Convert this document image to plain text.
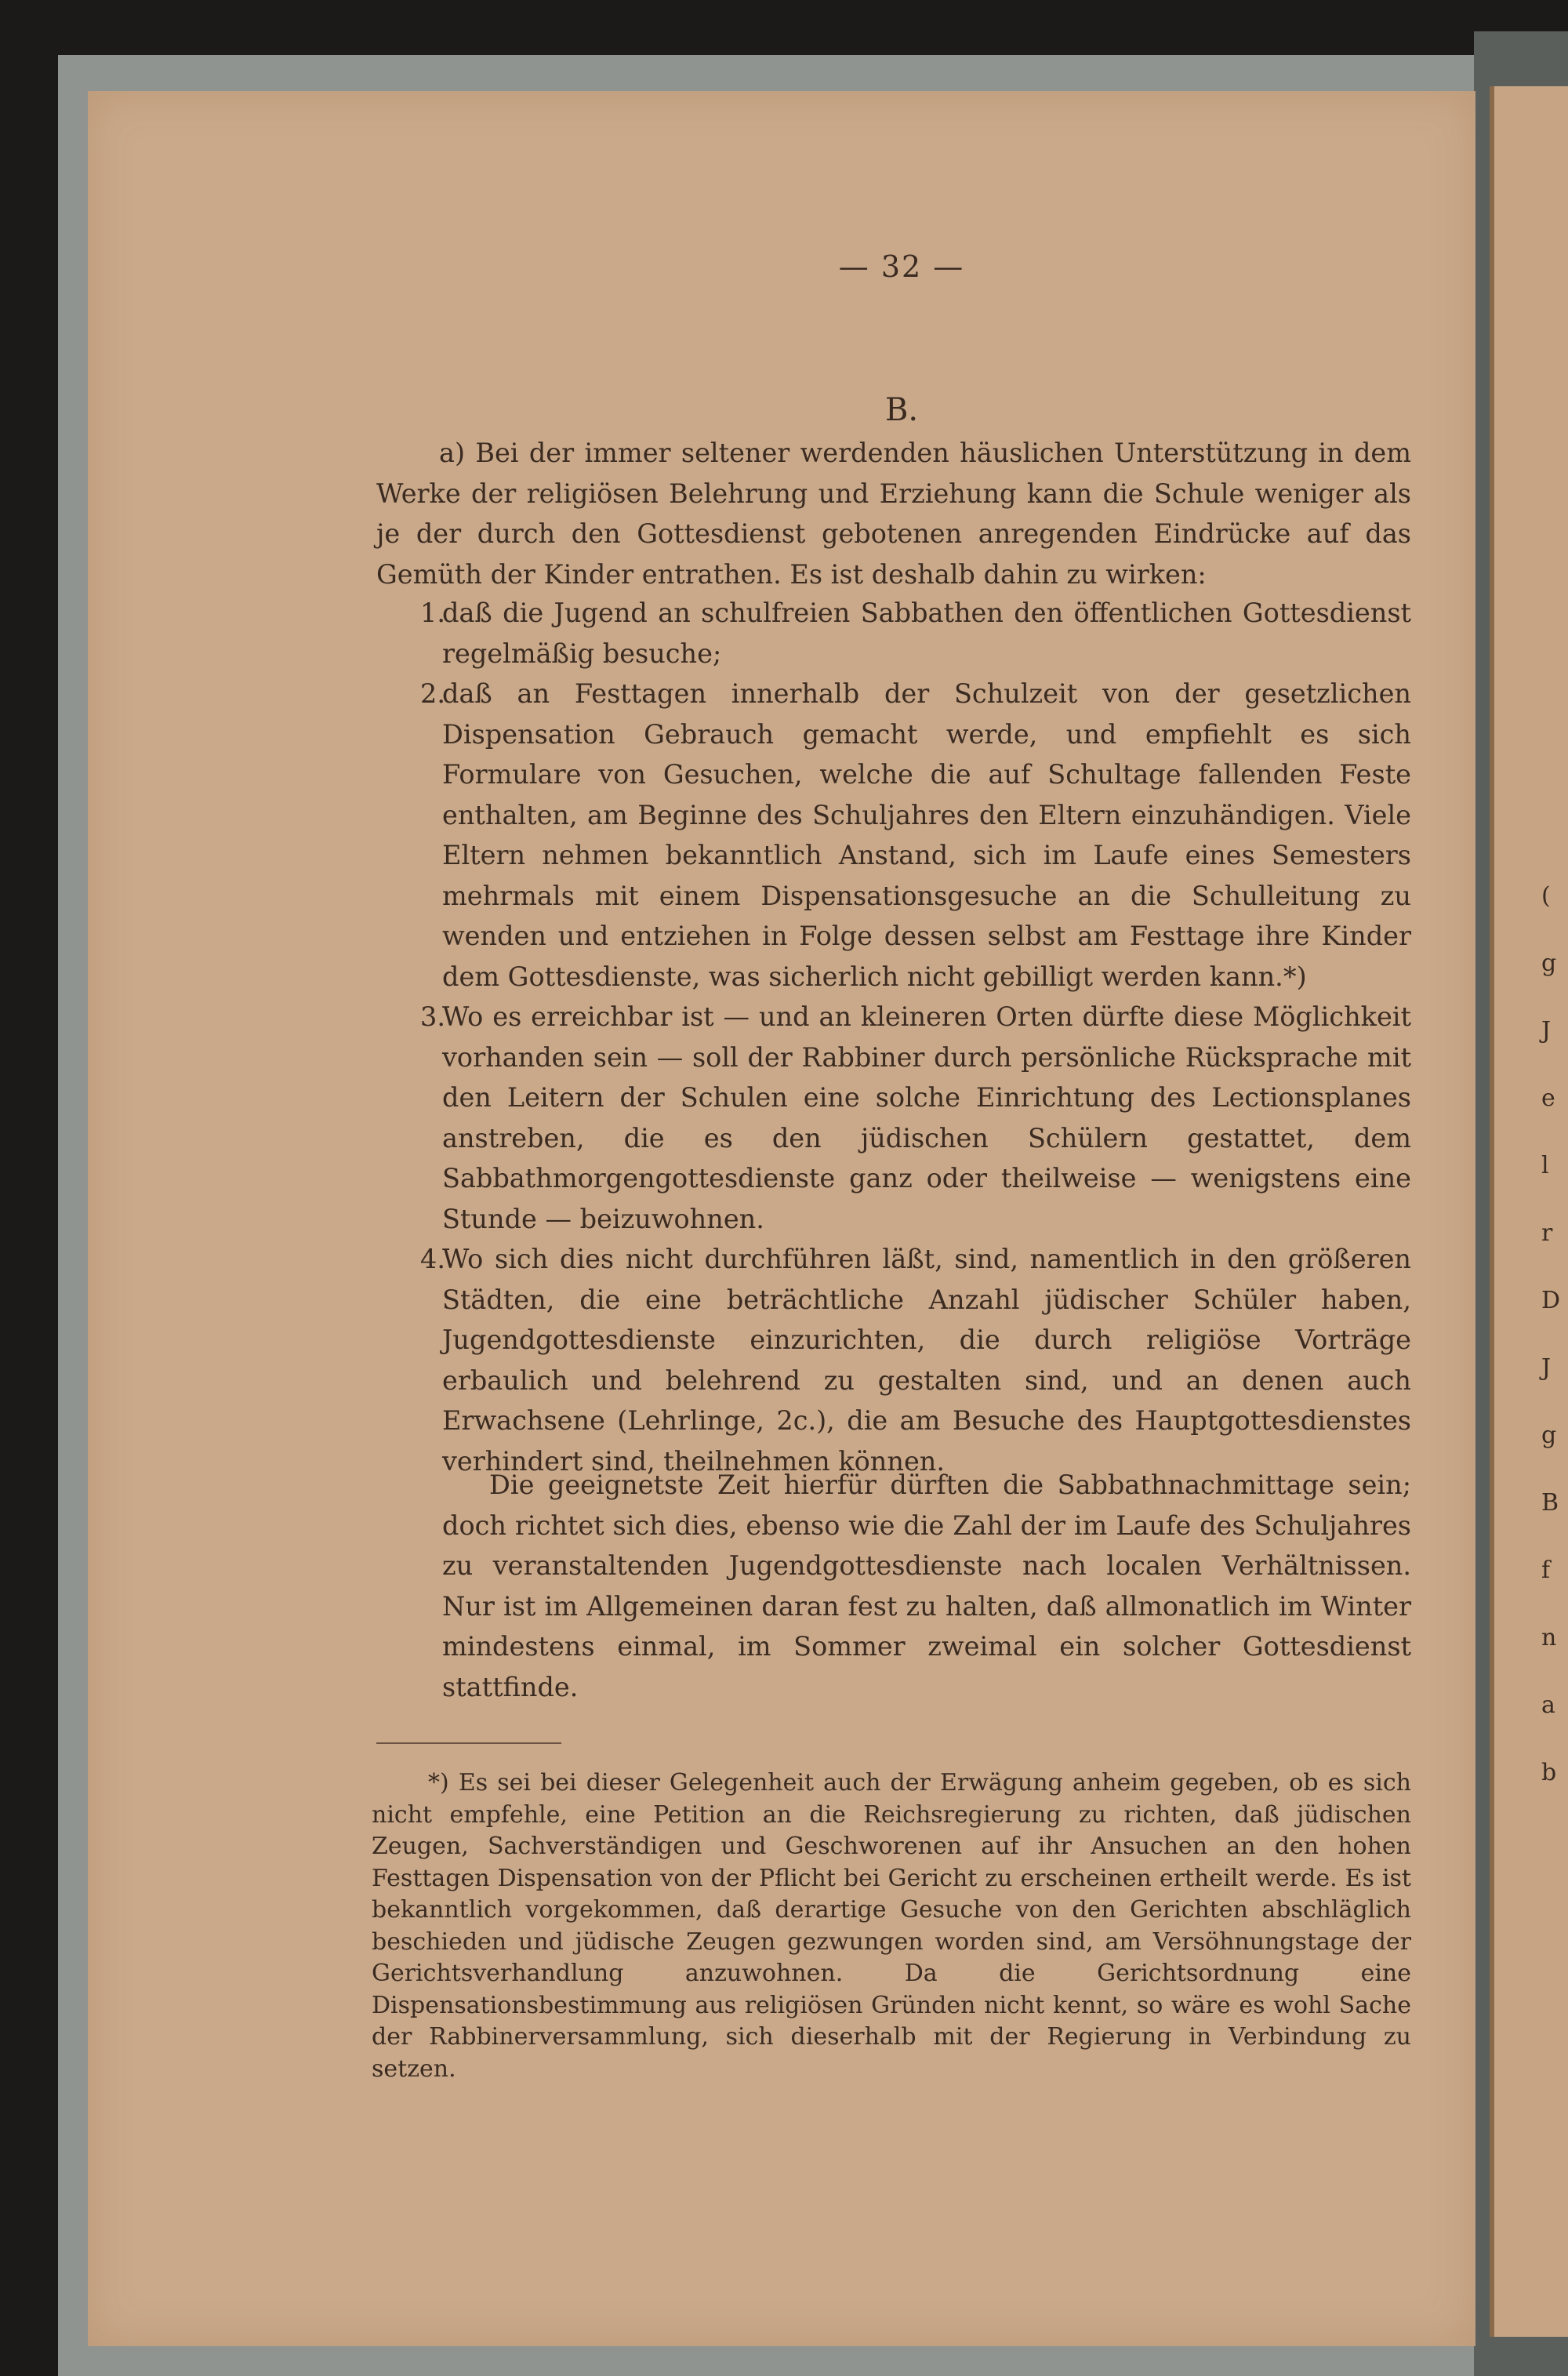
— 32 —
B.
a) Bei der immer seltener werdenden häuslichen Unterstützung in dem Werke der religiösen Belehrung und Erziehung kann die Schule weniger als je der durch den Gottesdienst gebotenen anregenden Eindrücke auf das Gemüth der Kinder entrathen. Es ist deshalb dahin zu wirken:
1.
daß die Jugend an schulfreien Sabbathen den öffentlichen Gottesdienst regelmäßig besuche;
2.
daß an Festtagen innerhalb der Schulzeit von der gesetzlichen Dispensation Gebrauch gemacht werde, und empfiehlt es sich Formulare von Gesuchen, welche die auf Schultage fallenden Feste enthalten, am Beginne des Schuljahres den Eltern einzuhändigen. Viele Eltern nehmen bekanntlich Anstand, sich im Laufe eines Semesters mehrmals mit einem Dispensationsgesuche an die Schulleitung zu wenden und entziehen in Folge dessen selbst am Festtage ihre Kinder dem Gottesdienste, was sicherlich nicht gebilligt werden kann.*)
3.
Wo es erreichbar ist — und an kleineren Orten dürfte diese Möglichkeit vorhanden sein — soll der Rabbiner durch persönliche Rücksprache mit den Leitern der Schulen eine solche Einrichtung des Lectionsplanes anstreben, die es den jüdischen Schülern gestattet, dem Sabbathmorgengottesdienste ganz oder theilweise — wenigstens eine Stunde — beizuwohnen.
4.
Wo sich dies nicht durchführen läßt, sind, namentlich in den größeren Städten, die eine beträchtliche Anzahl jüdischer Schüler haben, Jugendgottesdienste einzurichten, die durch religiöse Vorträge erbaulich und belehrend zu gestalten sind, und an denen auch Erwachsene (Lehrlinge, 2c.), die am Besuche des Hauptgottesdienstes verhindert sind, theilnehmen können.
Die geeignetste Zeit hierfür dürften die Sabbathnachmittage sein; doch richtet sich dies, ebenso wie die Zahl der im Laufe des Schuljahres zu veranstaltenden Jugendgottesdienste nach localen Verhältnissen. Nur ist im Allgemeinen daran fest zu halten, daß allmonatlich im Winter mindestens einmal, im Sommer zweimal ein solcher Gottesdienst stattfinde.
*) Es sei bei dieser Gelegenheit auch der Erwägung anheim gegeben, ob es sich nicht empfehle, eine Petition an die Reichsregierung zu richten, daß jüdischen Zeugen, Sachverständigen und Geschworenen auf ihr Ansuchen an den hohen Festtagen Dispensation von der Pflicht bei Gericht zu erscheinen ertheilt werde. Es ist bekanntlich vorgekommen, daß derartige Gesuche von den Gerichten abschläglich beschieden und jüdische Zeugen gezwungen worden sind, am Versöhnungstage der Gerichtsverhandlung anzuwohnen. Da die Gerichtsordnung eine Dispensationsbestimmung aus religiösen Gründen nicht kennt, so wäre es wohl Sache der Rabbinerversammlung, sich dieserhalb mit der Regierung in Verbindung zu setzen.
(
g
J
e
l
r
D
J
g
B
f
n
a
b
